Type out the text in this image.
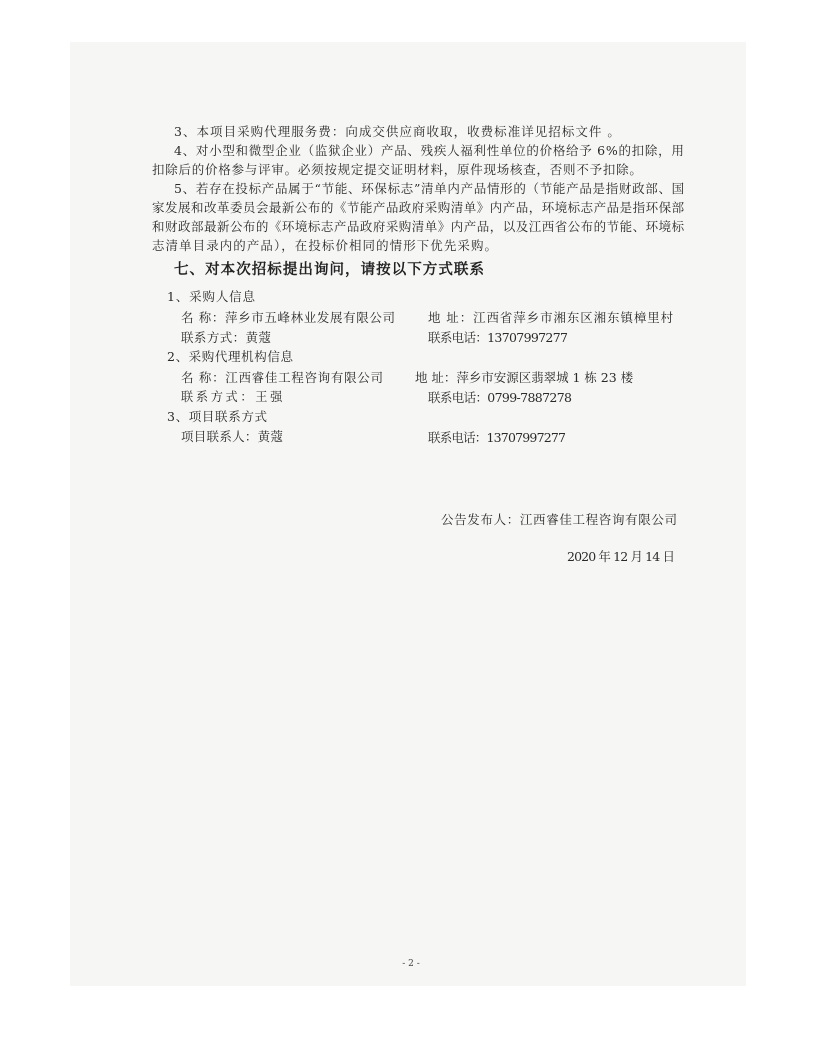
3、本项目采购代理服务费：向成交供应商收取，收费标准详见招标文件 。
4、对小型和微型企业（监狱企业）产品、残疾人福利性单位的价格给予 6%的扣除，用
扣除后的价格参与评审。必须按规定提交证明材料，原件现场核查，否则不予扣除。
5、若存在投标产品属于“节能、环保标志”清单内产品情形的（节能产品是指财政部、国
家发展和改革委员会最新公布的《节能产品政府采购清单》内产品，环境标志产品是指环保部
和财政部最新公布的《环境标志产品政府采购清单》内产品，以及江西省公布的节能、环境标
志清单目录内的产品），在投标价相同的情形下优先采购。
七、对本次招标提出询问，请按以下方式联系
1、采购人信息
名 称：萍乡市五峰林业发展有限公司	地 址：江西省萍乡市湘东区湘东镇樟里村
联系方式：黄蔻	联系电话：13707997277
2、采购代理机构信息
名 称：江西睿佳工程咨询有限公司	地 址：萍乡市安源区翡翠城 1 栋 23 楼
联系方式：王强	联系电话：0799-7887278
3、项目联系方式
项目联系人：黄蔻	联系电话：13707997277
公告发布人：江西睿佳工程咨询有限公司
2020 年 12 月 14 日
- 2 -
